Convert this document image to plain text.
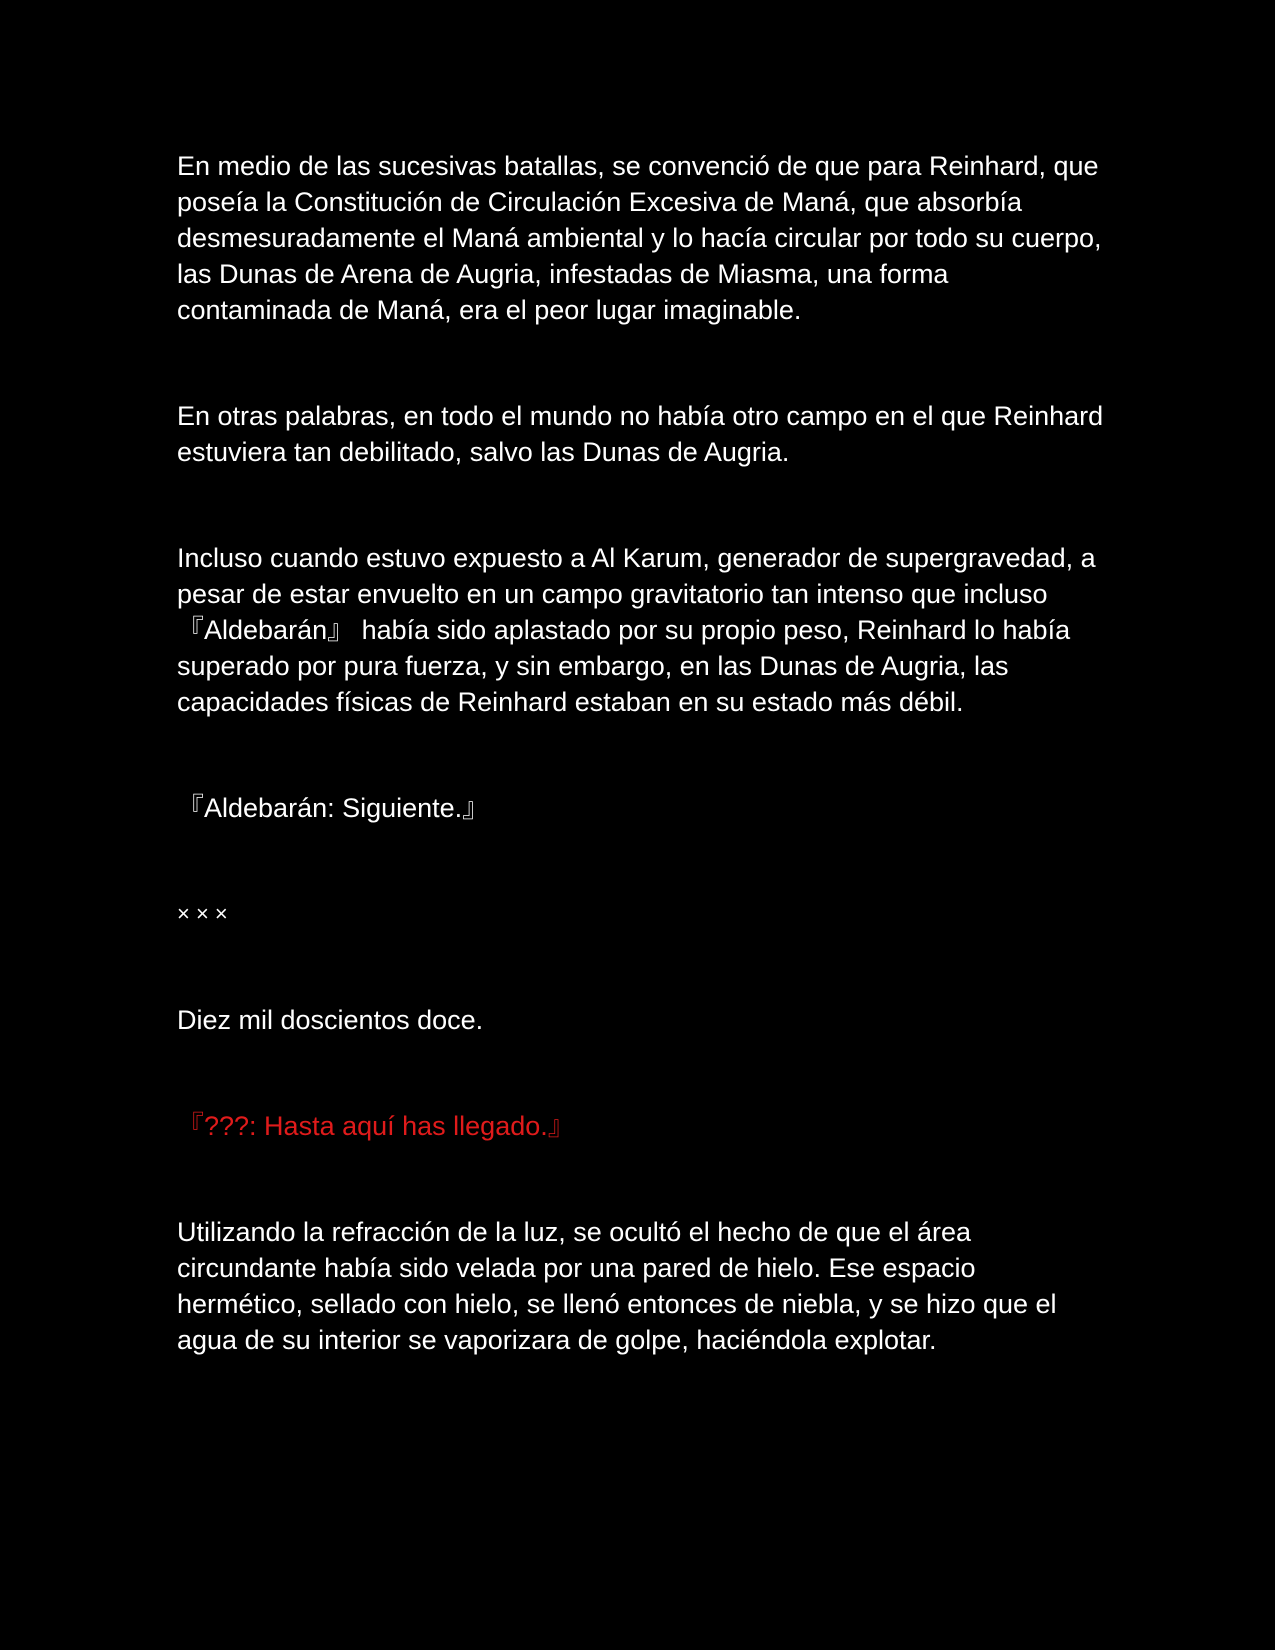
En medio de las sucesivas batallas, se convenció de que para Reinhard, que poseía la Constitución de Circulación Excesiva de Maná, que absorbía desmesuradamente el Maná ambiental y lo hacía circular por todo su cuerpo, las Dunas de Arena de Augria, infestadas de Miasma, una forma contaminada de Maná, era el peor lugar imaginable.

En otras palabras, en todo el mundo no había otro campo en el que Reinhard estuviera tan debilitado, salvo las Dunas de Augria.

Incluso cuando estuvo expuesto a Al Karum, generador de supergravedad, a pesar de estar envuelto en un campo gravitatorio tan intenso que incluso 『Aldebarán』 había sido aplastado por su propio peso, Reinhard lo había superado por pura fuerza, y sin embargo, en las Dunas de Augria, las capacidades físicas de Reinhard estaban en su estado más débil.

『Aldebarán: Siguiente.』

× × ×

Diez mil doscientos doce.

『???: Hasta aquí has llegado.』

Utilizando la refracción de la luz, se ocultó el hecho de que el área circundante había sido velada por una pared de hielo. Ese espacio hermético, sellado con hielo, se llenó entonces de niebla, y se hizo que el agua de su interior se vaporizara de golpe, haciéndola explotar.
